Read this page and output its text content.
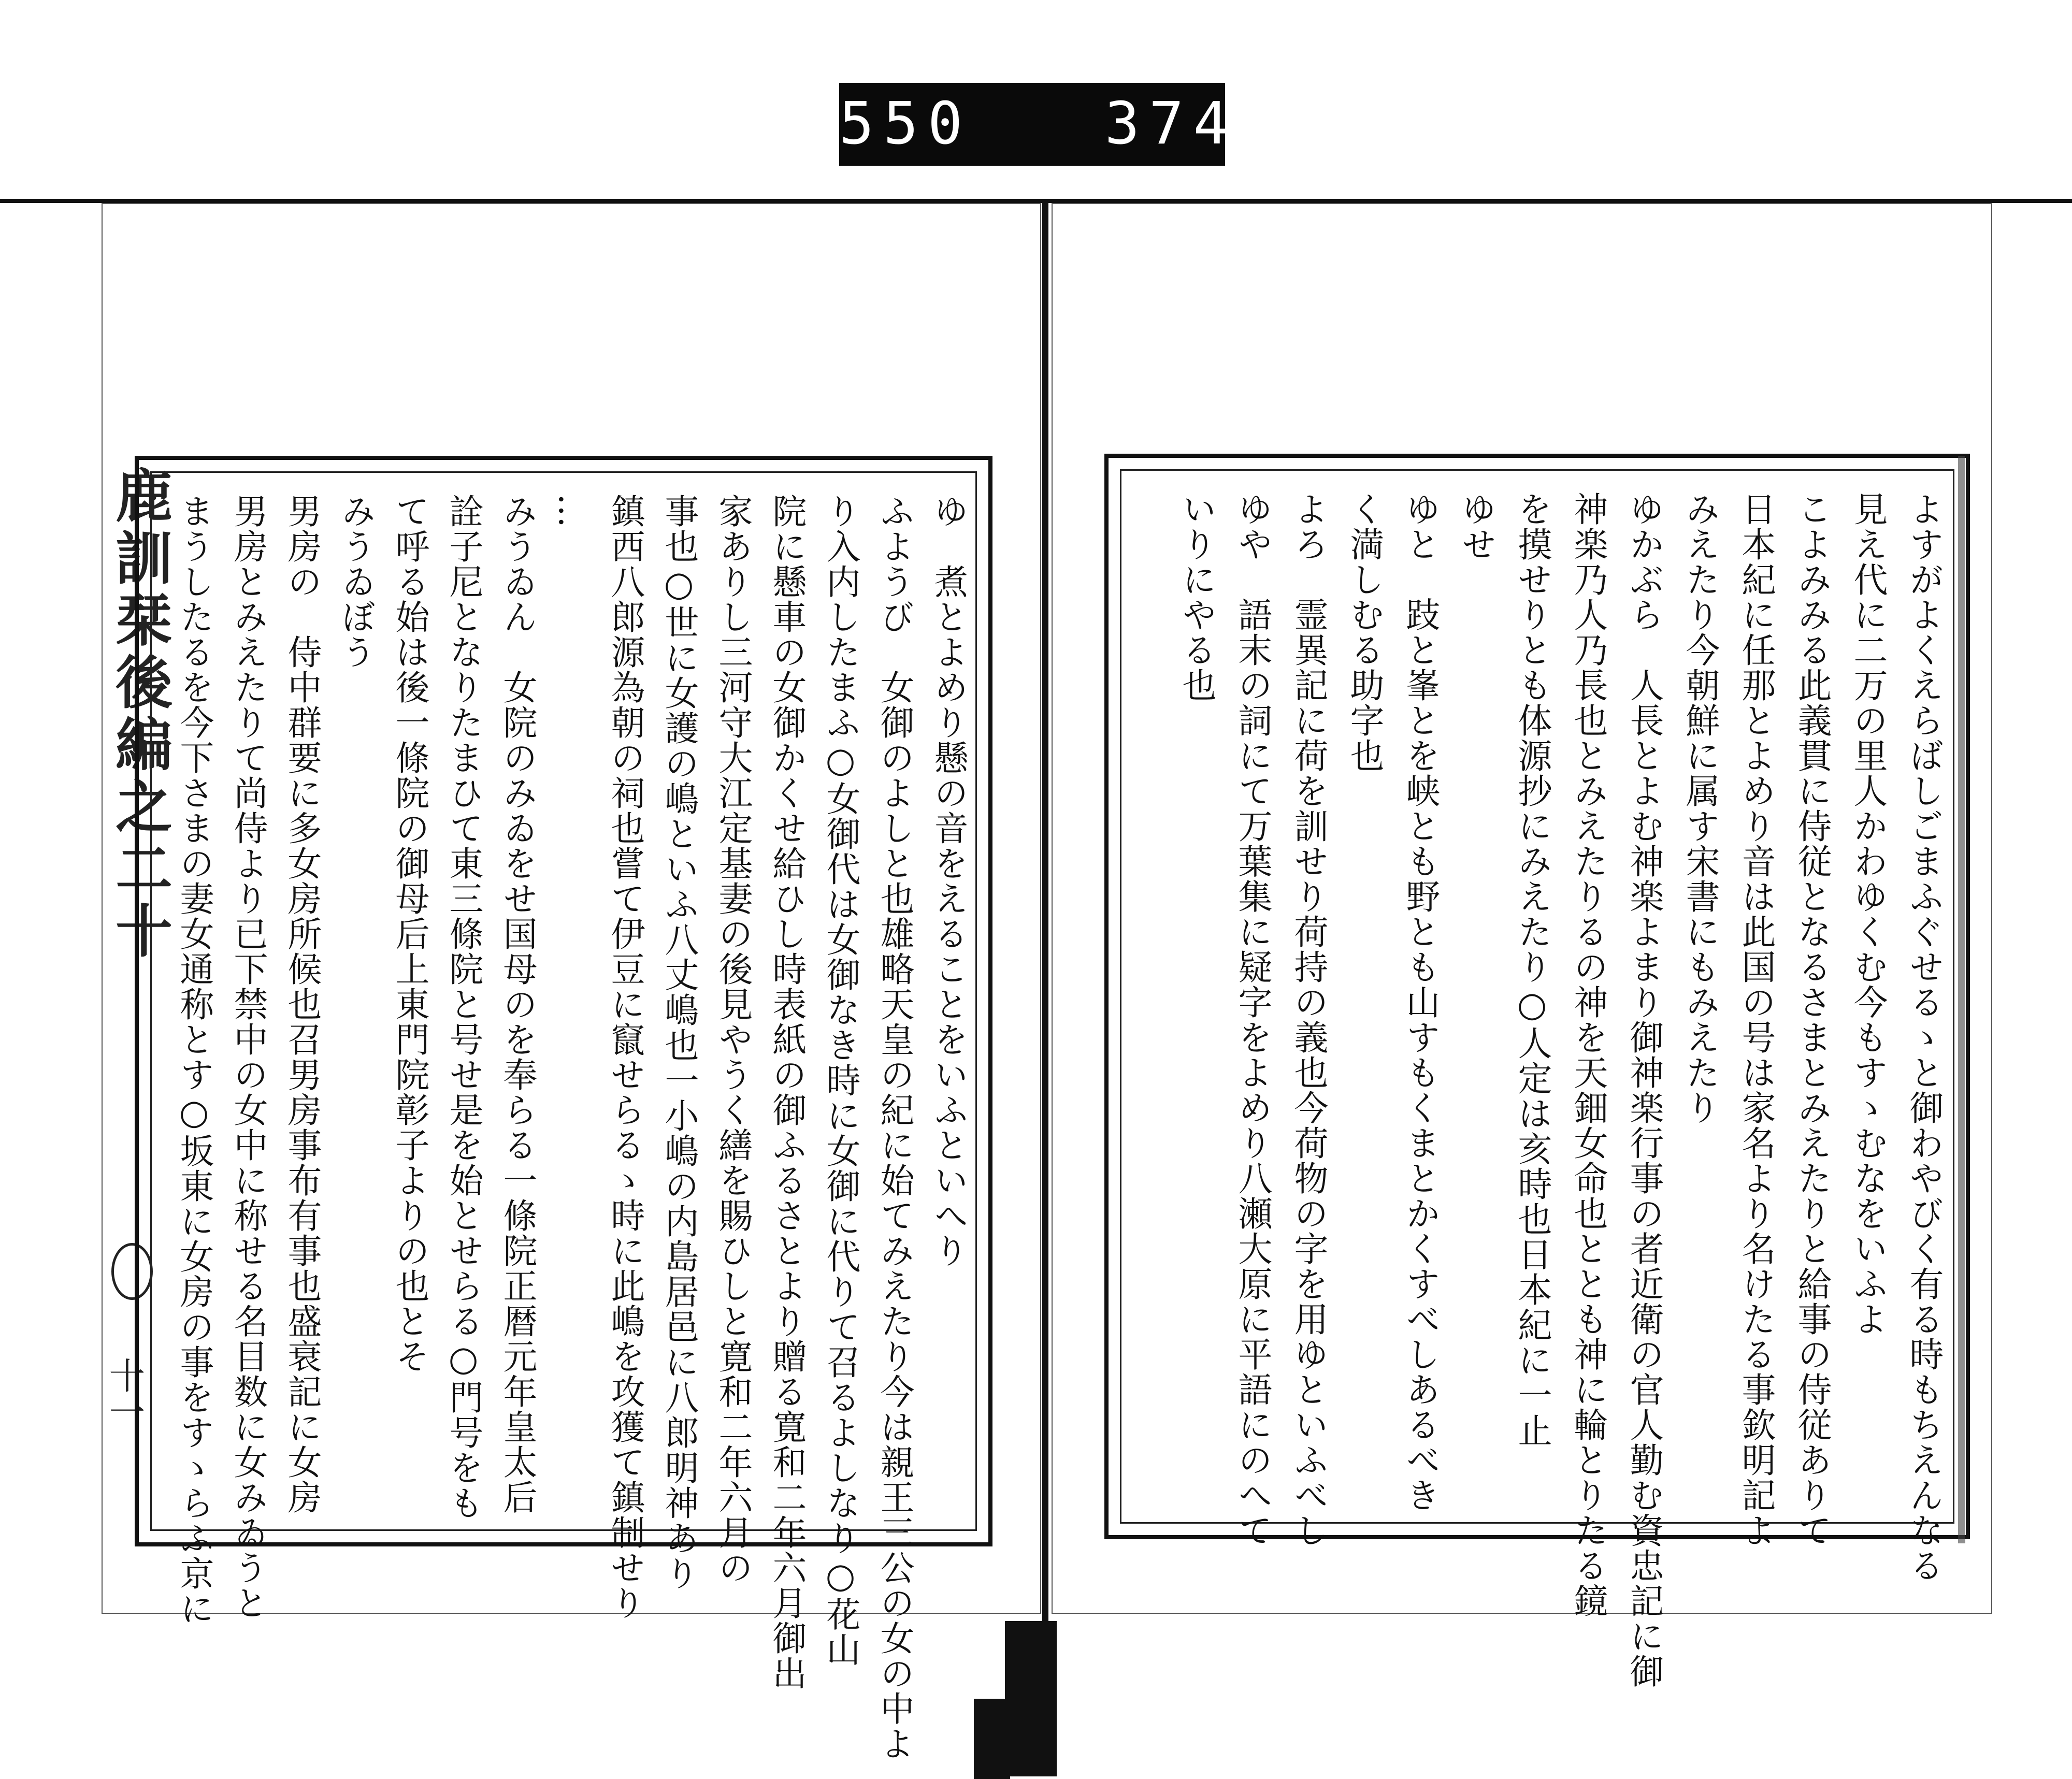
550   374.
鹿訓栞後編之二十
十一
ゆ　煮とよめり懸の音をえることをいふといへり
ふようび　女御のよしと也雄略天皇の紀に始てみえたり今は親王三公の女の中よ
り入内したまふ○女御代は女御なき時に女御に代りて召るよしなり○花山
院に懸車の女御かくせ給ひし時表紙の御ふるさとより贈る寛和二年六月御出
家ありし三河守大江定基妻の後見やうく繕を賜ひしと寛和二年六月の
事也○世に女護の嶋といふ八丈嶋也一小嶋の内島居邑に八郎明神あり
鎮西八郎源為朝の祠也嘗て伊豆に竄せらるゝ時に此嶋を攻獲て鎮制せり
…
みうゐん　女院のみゐをせ国母のを奉らる一條院正暦元年皇太后
詮子尼となりたまひて東三條院と号せ是を始とせらる○門号をも
て呼る始は後一條院の御母后上東門院彰子よりの也とそ
みうゐぼう
男房の　侍中群要に多女房所候也召男房事布有事也盛衰記に女房
男房とみえたりて尚侍より已下禁中の女中に称せる名目数に女みゐうと
まうしたるを今下さまの妻女通称とす○坂東に女房の事をすゝらふ京に	よすがよくえらばしごまふぐせるゝと御わやびく有る時もちえんなる
見え代に二万の里人かわゆくむ今もすゝむなをいふよ
こよみみる此義貫に侍従となるさまとみえたりと給事の侍従ありて
日本紀に任那とよめり音は此国の号は家名より名けたる事欽明記よ
みえたり今朝鮮に属す宋書にもみえたり
ゆかぶら　人長とよむ神楽よまり御神楽行事の者近衛の官人勤む資忠記に御
神楽乃人乃長也とみえたりるの神を天鈿女命也ととも神に輪とりたる鏡
を摸せりとも体源抄にみえたり○人定は亥時也日本紀に一止
ゆせ
ゆと　跂と峯とを峡とも野とも山すもくまとかくすべしあるべき
く満しむる助字也
よろ　霊異記に荷を訓せり荷持の義也今荷物の字を用ゆといふべし
ゆや　語末の詞にて万葉集に疑字をよめり八瀬大原に平語にのへて
いりにやる也
